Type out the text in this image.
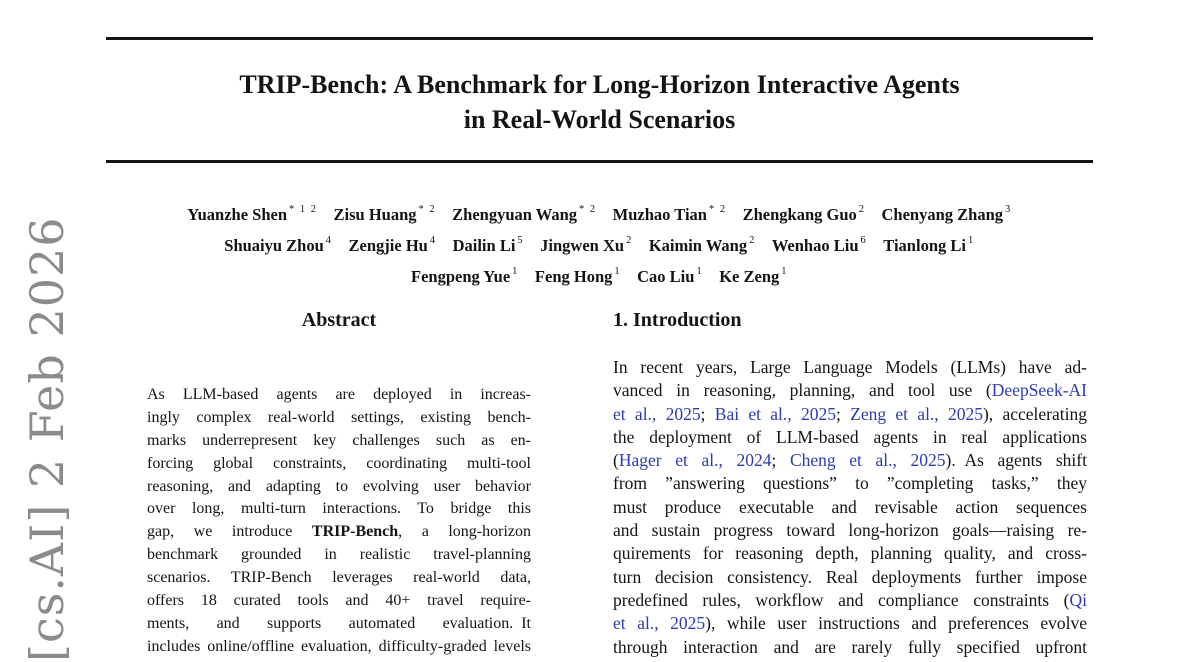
[cs.AI] 2 Feb 2026
TRIP-Bench: A Benchmark for Long-Horizon Interactive Agents
in Real-World Scenarios
Yuanzhe Shen $^{* 1 2}$ Zisu Huang $^{* 2}$ Zhengyuan Wang $^{* 2}$ Muzhao Tian $^{* 2}$ Zhengkang Guo $^2$ Chenyang Zhang $^3$
Shuaiyu Zhou $^4$ Zengjie Hu $^4$ Dailin Li $^5$ Jingwen Xu $^2$ Kaimin Wang $^2$ Wenhao Liu $^6$ Tianlong Li $^1$
Fengpeng Yue $^1$ Feng Hong $^1$ Cao Liu $^1$ Ke Zeng $^1$
Abstract
As LLM-based agents are deployed in increas-
ingly complex real-world settings, existing bench-
marks underrepresent key challenges such as en-
forcing global constraints, coordinating multi-tool
reasoning, and adapting to evolving user behavior
over long, multi-turn interactions. To bridge this
gap, we introduce TRIP-Bench, a long-horizon
benchmark grounded in realistic travel-planning
scenarios. TRIP-Bench leverages real-world data,
offers 18 curated tools and 40+ travel require-
ments, and supports automated evaluation. It
includes online/offline evaluation, difficulty-graded levels
1. Introduction
In recent years, Large Language Models (LLMs) have ad-
vanced in reasoning, planning, and tool use (DeepSeek-AI
et al., 2025; Bai et al., 2025; Zeng et al., 2025), accelerating
the deployment of LLM-based agents in real applications
(Hager et al., 2024; Cheng et al., 2025). As agents shift
from ”answering questions” to ”completing tasks,” they
must produce executable and revisable action sequences
and sustain progress toward long-horizon goals—raising re-
quirements for reasoning depth, planning quality, and cross-
turn decision consistency. Real deployments further impose
predefined rules, workflow and compliance constraints (Qi
et al., 2025), while user instructions and preferences evolve
through interaction and are rarely fully specified upfront
